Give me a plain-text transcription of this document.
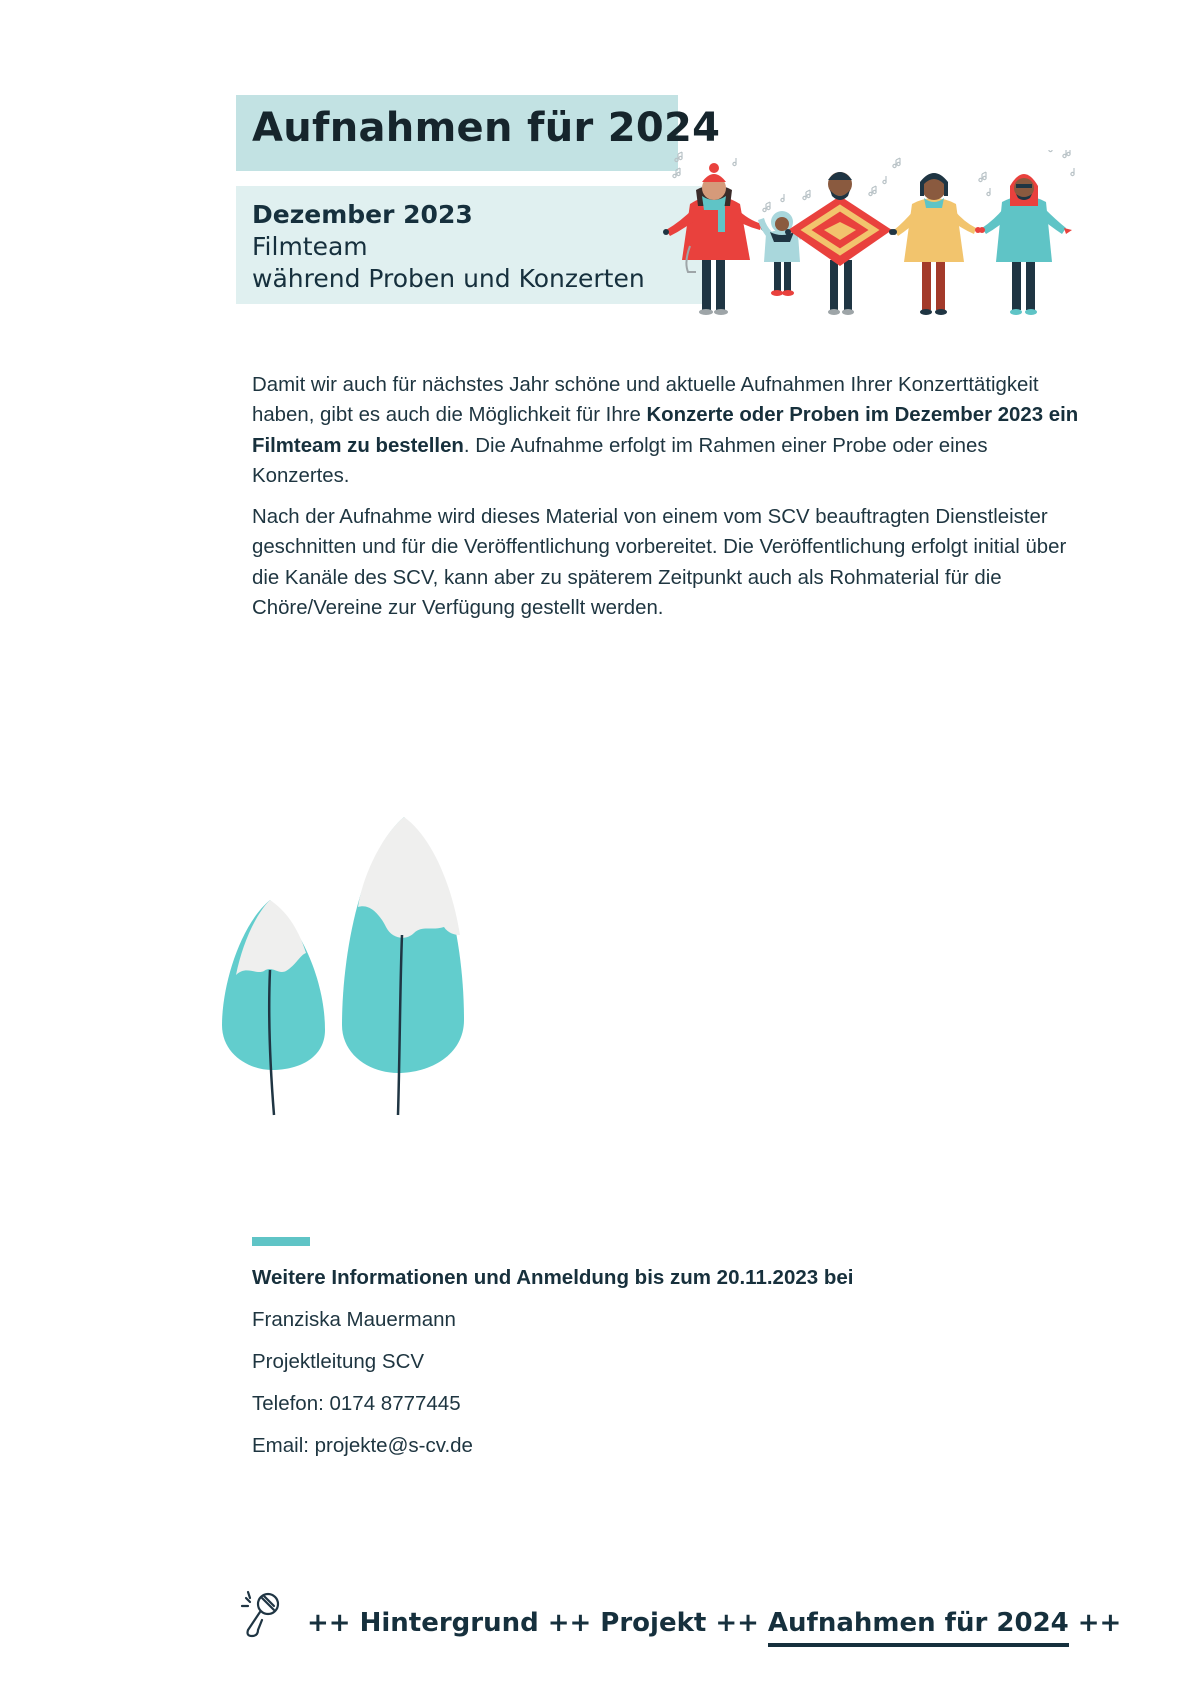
Aufnahmen für 2024
Dezember 2023
Filmteam
während Proben und Konzerten

Damit wir auch für nächstes Jahr schöne und aktuelle Aufnahmen Ihrer Konzerttätigkeit haben, gibt es auch die Möglichkeit für Ihre Konzerte oder Proben im Dezember 2023 ein Filmteam zu bestellen. Die Aufnahme erfolgt im Rahmen einer Probe oder eines Konzertes.

Nach der Aufnahme wird dieses Material von einem vom SCV beauftragten Dienstleister geschnitten und für die Veröffentlichung vorbereitet. Die Veröffentlichung erfolgt initial über die Kanäle des SCV, kann aber zu späterem Zeitpunkt auch als Rohmaterial für die Chöre/Vereine zur Verfügung gestellt werden.

Weitere Informationen und Anmeldung bis zum 20.11.2023 bei
Franziska Mauermann
Projektleitung SCV
Telefon: 0174 8777445
Email: projekte@s-cv.de
++ Hintergrund ++ Projekt ++ Aufnahmen für 2024 ++
